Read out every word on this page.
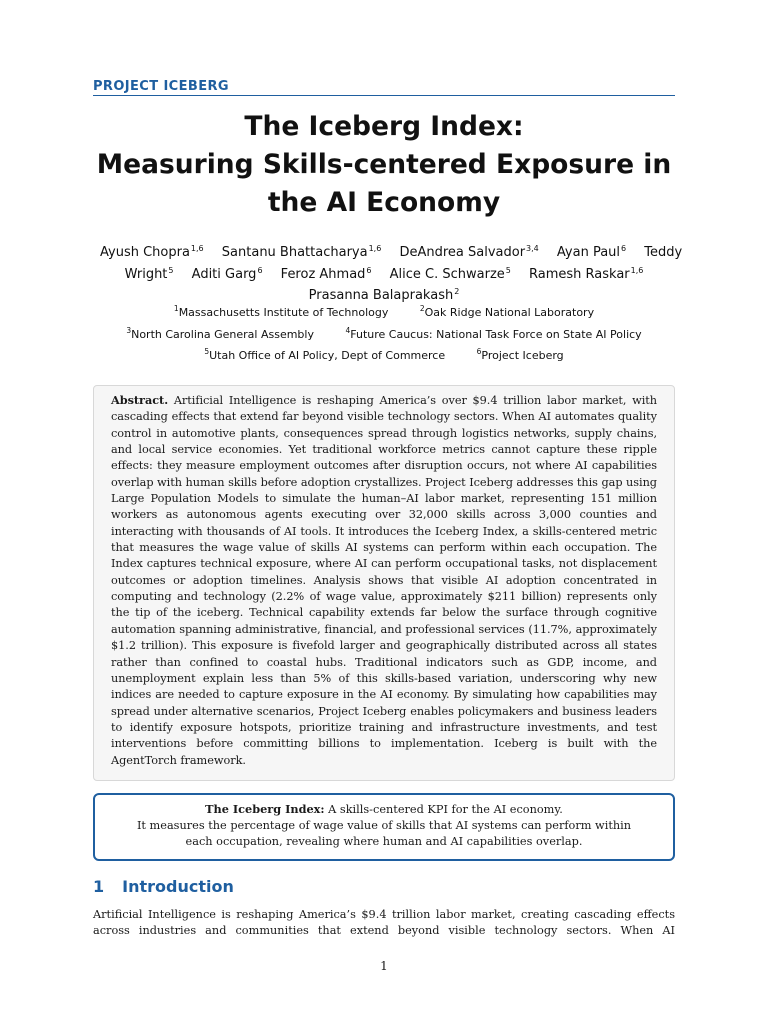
PROJECT ICEBERG
The Iceberg Index:
Measuring Skills-centered Exposure in
the AI Economy
Ayush Chopra$^{1,6}$ Santanu Bhattacharya$^{1,6}$ DeAndrea Salvador$^{3,4}$ Ayan Paul$^6$ Teddy
Wright$^5$ Aditi Garg$^6$ Feroz Ahmad$^6$ Alice C. Schwarze$^5$ Ramesh Raskar$^{1,6}$
Prasanna Balaprakash$^2$
$^1$Massachusetts Institute of Technology	$^2$Oak Ridge National Laboratory
$^3$North Carolina General Assembly	$^4$Future Caucus: National Task Force on State AI Policy
$^5$Utah Office of AI Policy, Dept of Commerce	$^6$Project Iceberg

Abstract. Artificial Intelligence is reshaping America’s over $9.4 trillion labor market, with cascading effects that extend far beyond visible technology sectors. When AI automates quality control in automotive plants, consequences spread through logistics networks, supply chains, and local service economies. Yet traditional workforce metrics cannot capture these ripple effects: they measure employment outcomes after disruption occurs, not where AI capabilities overlap with human skills before adoption crystallizes. Project Iceberg addresses this gap using Large Population Models to simulate the human–AI labor market, representing 151 million workers as autonomous agents executing over 32,000 skills across 3,000 counties and interacting with thousands of AI tools. It introduces the Iceberg Index, a skills-centered metric that measures the wage value of skills AI systems can perform within each occupation. The Index captures technical exposure, where AI can perform occupational tasks, not displacement outcomes or adoption timelines. Analysis shows that visible AI adoption concentrated in computing and technology (2.2% of wage value, approximately $211 billion) represents only the tip of the iceberg. Technical capability extends far below the surface through cognitive automation spanning administrative, financial, and professional services (11.7%, approximately $1.2 trillion). This exposure is fivefold larger and geographically distributed across all states rather than confined to coastal hubs. Traditional indicators such as GDP, income, and unemployment explain less than 5% of this skills-based variation, underscoring why new indices are needed to capture exposure in the AI economy. By simulating how capabilities may spread under alternative scenarios, Project Iceberg enables policymakers and business leaders to identify exposure hotspots, prioritize training and infrastructure investments, and test interventions before committing billions to implementation. Iceberg is built with the AgentTorch framework.

The Iceberg Index: A skills-centered KPI for the AI economy.

It measures the percentage of wage value of skills that AI systems can perform within

each occupation, revealing where human and AI capabilities overlap.

1 Introduction

Artificial Intelligence is reshaping America’s $9.4 trillion labor market, creating cascading effects
across industries and communities that extend beyond visible technology sectors. When AI

1
